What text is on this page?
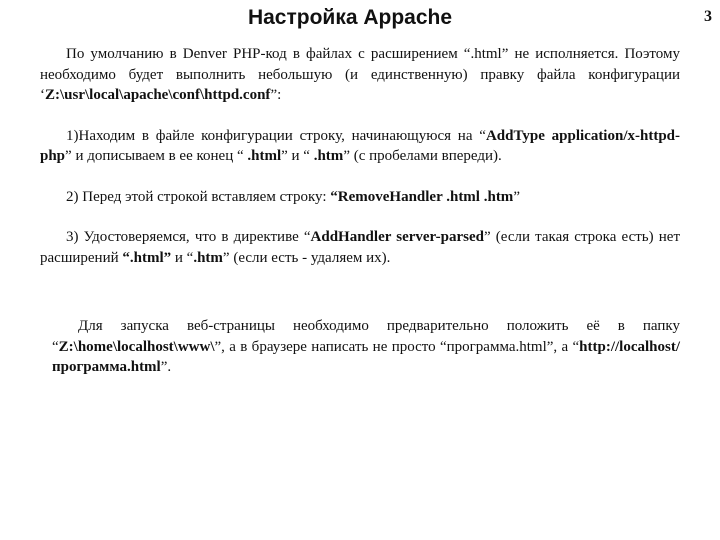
Настройка Appache	3

По умолчанию в Denver PHP-код в файлах с расширением “.html” не исполняется. Поэтому необходимо будет выполнить небольшую (и единственную) правку файла конфигурации ‘Z:\usr\local\apache\conf\httpd.conf”:

1)Находим в файле конфигурации строку, начинающуюся на “AddType application/x-httpd-php” и дописываем в ее конец “ .html” и “ .htm” (с пробелами впереди).

2) Перед этой строкой вставляем строку: “RemoveHandler .html .htm”

3) Удостоверяемся, что в директиве “AddHandler server-parsed” (если такая строка есть) нет расширений “.html” и “.htm” (если есть - удаляем их).

Для запуска веб-страницы необходимо предварительно положить её в папку “Z:\home\localhost\www\”, а в браузере написать не просто “программа.html”, а “http://localhost/программа.html”.
